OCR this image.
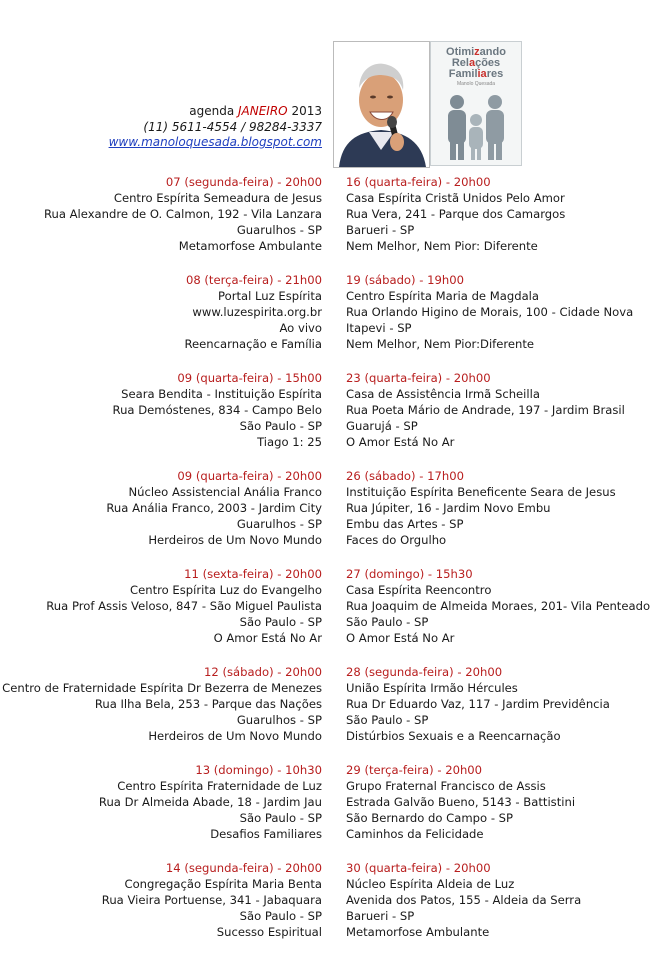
agenda JANEIRO 2013
(11) 5611-4554 / 98284-3337
www.manoloquesada.blogspot.com
Otimizando
Relações
Familiares
Manolo Quesada
07 (segunda-feira) - 20h00
Centro Espírita Semeadura de Jesus
Rua Alexandre de O. Calmon, 192 - Vila Lanzara
Guarulhos - SP
Metamorfose Ambulante
16 (quarta-feira) - 20h00
Casa Espírita Cristã Unidos Pelo Amor
Rua Vera, 241 - Parque dos Camargos
Barueri - SP
Nem Melhor, Nem Pior: Diferente
08 (terça-feira) - 21h00
Portal Luz Espírita
www.luzespirita.org.br
Ao vivo
Reencarnação e Família
19 (sábado) - 19h00
Centro Espírita Maria de Magdala
Rua Orlando Higino de Morais, 100 - Cidade Nova
Itapevi - SP
Nem Melhor, Nem Pior:Diferente
09 (quarta-feira) - 15h00
Seara Bendita - Instituição Espírita
Rua Demóstenes, 834 - Campo Belo
São Paulo - SP
Tiago 1: 25
23 (quarta-feira) - 20h00
Casa de Assistência Irmã Scheilla
Rua Poeta Mário de Andrade, 197 - Jardim Brasil
Guarujá - SP
O Amor Está No Ar
09 (quarta-feira) - 20h00
Núcleo Assistencial Anália Franco
Rua Anália Franco, 2003 - Jardim City
Guarulhos - SP
Herdeiros de Um Novo Mundo
26 (sábado) - 17h00
Instituição Espírita Beneficente Seara de Jesus
Rua Júpiter, 16 - Jardim Novo Embu
Embu das Artes - SP
Faces do Orgulho
11 (sexta-feira) - 20h00
Centro Espírita Luz do Evangelho
Rua Prof Assis Veloso, 847 - São Miguel Paulista
São Paulo - SP
O Amor Está No Ar
27 (domingo) - 15h30
Casa Espírita Reencontro
Rua Joaquim de Almeida Moraes, 201- Vila Penteado
São Paulo - SP
O Amor Está No Ar
12 (sábado) - 20h00
Centro de Fraternidade Espírita Dr Bezerra de Menezes
Rua Ilha Bela, 253 - Parque das Nações
Guarulhos - SP
Herdeiros de Um Novo Mundo
28 (segunda-feira) - 20h00
União Espírita Irmão Hércules
Rua Dr Eduardo Vaz, 117 - Jardim Previdência
São Paulo - SP
Distúrbios Sexuais e a Reencarnação
13 (domingo) - 10h30
Centro Espírita Fraternidade de Luz
Rua Dr Almeida Abade, 18 - Jardim Jau
São Paulo - SP
Desafios Familiares
29 (terça-feira) - 20h00
Grupo Fraternal Francisco de Assis
Estrada Galvão Bueno, 5143 - Battistini
São Bernardo do Campo - SP
Caminhos da Felicidade
14 (segunda-feira) - 20h00
Congregação Espírita Maria Benta
Rua Vieira Portuense, 341 - Jabaquara
São Paulo - SP
Sucesso Espiritual
30 (quarta-feira) - 20h00
Núcleo Espírita Aldeia de Luz
Avenida dos Patos, 155 - Aldeia da Serra
Barueri - SP
Metamorfose Ambulante
